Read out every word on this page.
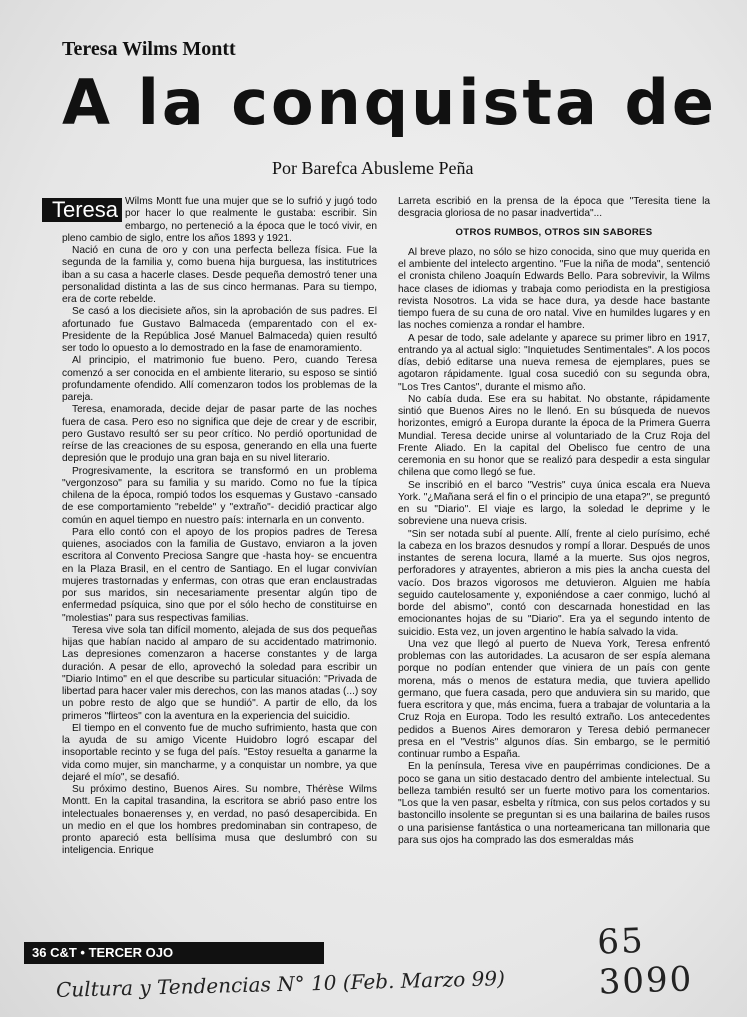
Teresa Wilms Montt
A la conquista de
Por Barefca Abusleme Peña

Teresa Wilms Montt fue una mujer que se lo sufrió y jugó todo por hacer lo que realmente le gustaba: escribir. Sin embargo, no perteneció a la época que le tocó vivir, en pleno cambio de siglo, entre los años 1893 y 1921.

Nació en cuna de oro y con una perfecta belleza física. Fue la segunda de la familia y, como buena hija burguesa, las institutrices iban a su casa a hacerle clases. Desde pequeña demostró tener una personalidad distinta a las de sus cinco hermanas. Para su tiempo, era de corte rebelde.

Se casó a los diecisiete años, sin la aprobación de sus padres. El afortunado fue Gustavo Balmaceda (emparentado con el ex-Presidente de la República José Manuel Balmaceda) quien resultó ser todo lo opuesto a lo demostrado en la fase de enamoramiento.

Al principio, el matrimonio fue bueno. Pero, cuando Teresa comenzó a ser conocida en el ambiente literario, su esposo se sintió profundamente ofendido. Allí comenzaron todos los problemas de la pareja.

Teresa, enamorada, decide dejar de pasar parte de las noches fuera de casa. Pero eso no significa que deje de crear y de escribir, pero Gustavo resultó ser su peor crítico. No perdió oportunidad de reírse de las creaciones de su esposa, generando en ella una fuerte depresión que le produjo una gran baja en su nivel literario.

Progresivamente, la escritora se transformó en un problema "vergonzoso" para su familia y su marido. Como no fue la típica chilena de la época, rompió todos los esquemas y Gustavo -cansado de ese comportamiento "rebelde" y "extraño"- decidió practicar algo común en aquel tiempo en nuestro país: internarla en un convento.

Para ello contó con el apoyo de los propios padres de Teresa quienes, asociados con la familia de Gustavo, enviaron a la joven escritora al Convento Preciosa Sangre que -hasta hoy- se encuentra en la Plaza Brasil, en el centro de Santiago. En el lugar convivían mujeres trastornadas y enfermas, con otras que eran enclaustradas por sus maridos, sin necesariamente presentar algún tipo de enfermedad psíquica, sino que por el sólo hecho de constituirse en "molestias" para sus respectivas familias.

Teresa vive sola tan difícil momento, alejada de sus dos pequeñas hijas que habían nacido al amparo de su accidentado matrimonio. Las depresiones comenzaron a hacerse constantes y de larga duración. A pesar de ello, aprovechó la soledad para escribir un "Diario Intimo" en el que describe su particular situación: "Privada de libertad para hacer valer mis derechos, con las manos atadas (...) soy un pobre resto de algo que se hundió". A partir de ello, da los primeros "flirteos" con la aventura en la experiencia del suicidio.

El tiempo en el convento fue de mucho sufrimiento, hasta que con la ayuda de su amigo Vicente Huidobro logró escapar del insoportable recinto y se fuga del país. "Estoy resuelta a ganarme la vida como mujer, sin mancharme, y a conquistar un nombre, ya que dejaré el mío", se desafió.

Su próximo destino, Buenos Aires. Su nombre, Thérèse Wilms Montt. En la capital trasandina, la escritora se abrió paso entre los intelectuales bonaerenses y, en verdad, no pasó desapercibida. En un medio en el que los hombres predominaban sin contrapeso, de pronto apareció esta bellísima musa que deslumbró con su inteligencia. Enrique

Larreta escribió en la prensa de la época que "Teresita tiene la desgracia gloriosa de no pasar inadvertida"...

OTROS RUMBOS, OTROS SIN SABORES

Al breve plazo, no sólo se hizo conocida, sino que muy querida en el ambiente del intelecto argentino. "Fue la niña de moda", sentenció el cronista chileno Joaquín Edwards Bello. Para sobrevivir, la Wilms hace clases de idiomas y trabaja como periodista en la prestigiosa revista Nosotros. La vida se hace dura, ya desde hace bastante tiempo fuera de su cuna de oro natal. Vive en humildes lugares y en las noches comienza a rondar el hambre.

A pesar de todo, sale adelante y aparece su primer libro en 1917, entrando ya al actual siglo: "Inquietudes Sentimentales". A los pocos días, debió editarse una nueva remesa de ejemplares, pues se agotaron rápidamente. Igual cosa sucedió con su segunda obra, "Los Tres Cantos", durante el mismo año.

No cabía duda. Ese era su habitat. No obstante, rápidamente sintió que Buenos Aires no le llenó. En su búsqueda de nuevos horizontes, emigró a Europa durante la época de la Primera Guerra Mundial. Teresa decide unirse al voluntariado de la Cruz Roja del Frente Aliado. En la capital del Obelisco fue centro de una ceremonia en su honor que se realizó para despedir a esta singular chilena que como llegó se fue.

Se inscribió en el barco "Vestris" cuya única escala era Nueva York. "¿Mañana será el fin o el principio de una etapa?", se preguntó en su "Diario". El viaje es largo, la soledad le deprime y le sobreviene una nueva crisis.

"Sin ser notada subí al puente. Allí, frente al cielo purísimo, eché la cabeza en los brazos desnudos y rompí a llorar. Después de unos instantes de serena locura, llamé a la muerte. Sus ojos negros, perforadores y atrayentes, abrieron a mis pies la ancha cuesta del vacío. Dos brazos vigorosos me detuvieron. Alguien me había seguido cautelosamente y, exponiéndose a caer conmigo, luchó al borde del abismo", contó con descarnada honestidad en las emocionantes hojas de su "Diario". Era ya el segundo intento de suicidio. Esta vez, un joven argentino le había salvado la vida.

Una vez que llegó al puerto de Nueva York, Teresa enfrentó problemas con las autoridades. La acusaron de ser espía alemana porque no podían entender que viniera de un país con gente morena, más o menos de estatura media, que tuviera apellido germano, que fuera casada, pero que anduviera sin su marido, que fuera escritora y que, más encima, fuera a trabajar de voluntaria a la Cruz Roja en Europa. Todo les resultó extraño. Los antecedentes pedidos a Buenos Aires demoraron y Teresa debió permanecer presa en el "Vestris" algunos días. Sin embargo, se le permitió continuar rumbo a España.

En la península, Teresa vive en paupérrimas condiciones. De a poco se gana un sitio destacado dentro del ambiente intelectual. Su belleza también resultó ser un fuerte motivo para los comentarios. "Los que la ven pasar, esbelta y rítmica, con sus pelos cortados y su bastoncillo insolente se preguntan si es una bailarina de bailes rusos o una parisiense fantástica o una norteamericana tan millonaria que para sus ojos ha comprado las dos esmeraldas más

36 C&T • TERCER OJO	65 3090
Cultura y Tendencias N° 10 (Feb. Marzo 99)
